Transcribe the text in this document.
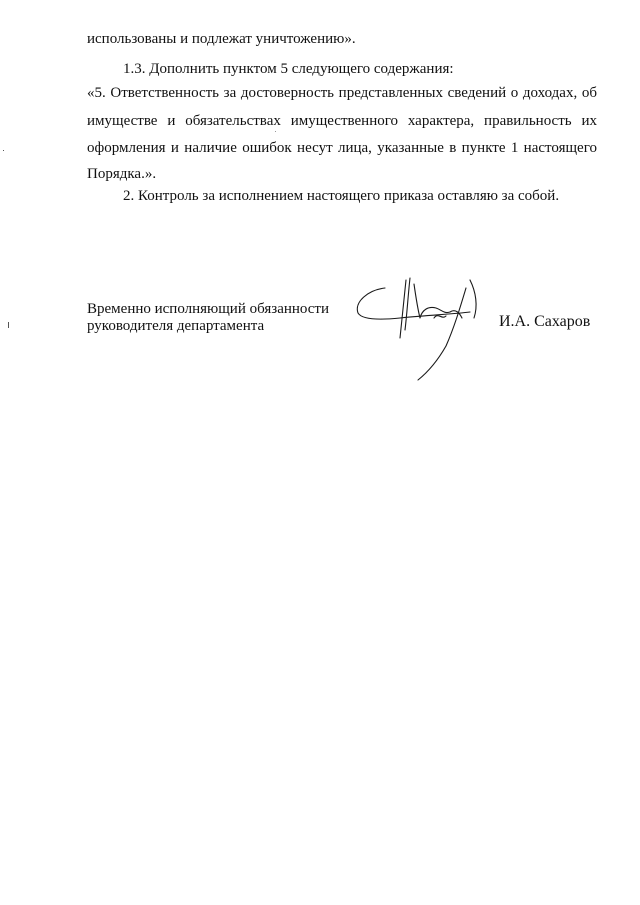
использованы и подлежат уничтожению».
1.3. Дополнить пунктом 5 следующего содержания:
«5. Ответственность за достоверность представленных сведений о доходах, об
имуществе и обязательствах имущественного характера, правильность их
оформления и наличие ошибок несут лица, указанные в пункте 1 настоящего
Порядка.».
2. Контроль за исполнением настоящего приказа оставляю за собой.
Временно исполняющий обязанности
руководителя департамента	И.А. Сахаров
